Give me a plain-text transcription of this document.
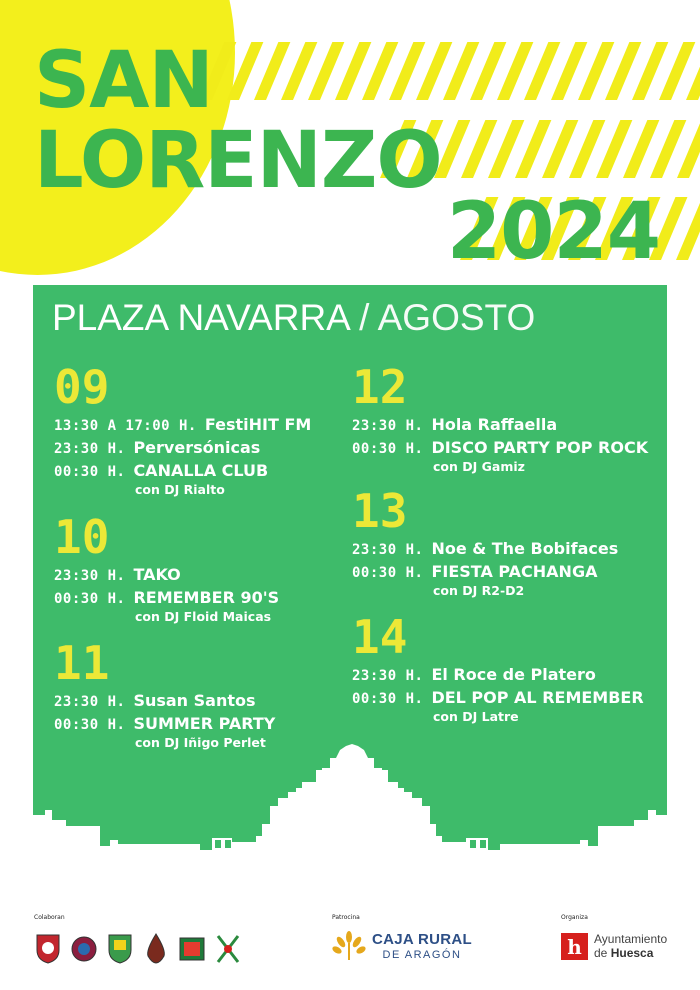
SAN
LORENZO
2024
PLAZA NAVARRA / AGOSTO
09
13:30 A 17:00 H. FestiHIT FM
23:30 H. Perversónicas
00:30 H. CANALLA CLUB
con DJ Rialto
10
23:30 H. TAKO
00:30 H. REMEMBER 90'S
con DJ Floid Maicas
11
23:30 H. Susan Santos
00:30 H. SUMMER PARTY
con DJ Iñigo Perlet
12
23:30 H. Hola Raffaella
00:30 H. DISCO PARTY POP ROCK
con DJ Gamiz
13
23:30 H. Noe & The Bobifaces
00:30 H. FIESTA PACHANGA
con DJ R2-D2
14
23:30 H. El Roce de Platero
00:30 H. DEL POP AL REMEMBER
con DJ Latre
Colaboran	Patrocina	Organiza
CAJA RURAL
DE ARAGÓN	h	Ayuntamiento
de Huesca
